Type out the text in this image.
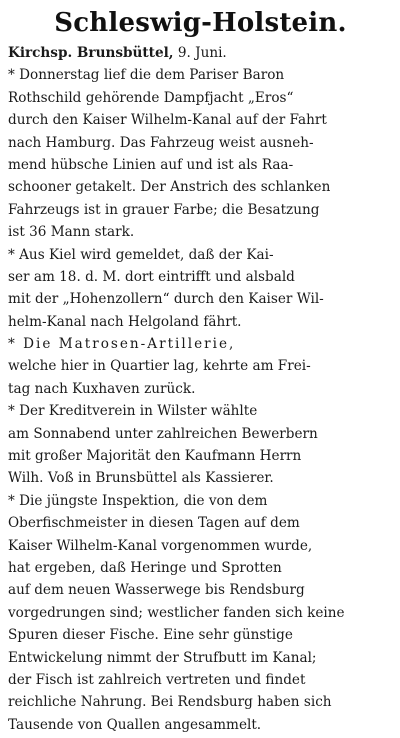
Schleswig-Holstein.
Kirchsp. Brunsbüttel, 9. Juni.
* Donnerstag lief die dem Pariser Baron
Rothschild gehörende Dampfjacht „Eros“
durch den Kaiser Wilhelm-Kanal auf der Fahrt
nach Hamburg. Das Fahrzeug weist ausneh-
mend hübsche Linien auf und ist als Raa-
schooner getakelt. Der Anstrich des schlanken
Fahrzeugs ist in grauer Farbe; die Besatzung
ist 36 Mann stark.
* Aus Kiel wird gemeldet, daß der Kai-
ser am 18. d. M. dort eintrifft und alsbald
mit der „Hohenzollern“ durch den Kaiser Wil-
helm-Kanal nach Helgoland fährt.
* Die Matrosen-Artillerie,
welche hier in Quartier lag, kehrte am Frei-
tag nach Kuxhaven zurück.
* Der Kreditverein in Wilster wählte
am Sonnabend unter zahlreichen Bewerbern
mit großer Majorität den Kaufmann Herrn
Wilh. Voß in Brunsbüttel als Kassierer.
* Die jüngste Inspektion, die von dem
Oberfischmeister in diesen Tagen auf dem
Kaiser Wilhelm-Kanal vorgenommen wurde,
hat ergeben, daß Heringe und Sprotten
auf dem neuen Wasserwege bis Rendsburg
vorgedrungen sind; westlicher fanden sich keine
Spuren dieser Fische. Eine sehr günstige
Entwickelung nimmt der Strufbutt im Kanal;
der Fisch ist zahlreich vertreten und findet
reichliche Nahrung. Bei Rendsburg haben sich
Tausende von Quallen angesammelt.
